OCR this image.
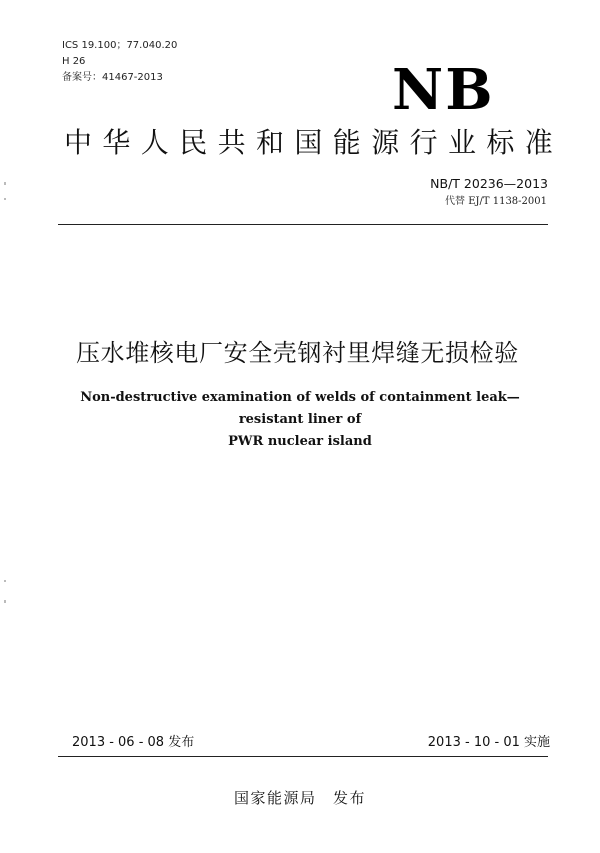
ICS 19.100；77.040.20
H 26
备案号：41467-2013	NB
中华人民共和国能源行业标准
NB/T 20236—2013
代替 EJ/T 1138-2001
压水堆核电厂安全壳钢衬里焊缝无损检验
Non-destructive examination of welds of containment leak—resistant liner of
PWR nuclear island
2013 - 06 - 08 发布	2013 - 10 - 01 实施
国家能源局　发布
